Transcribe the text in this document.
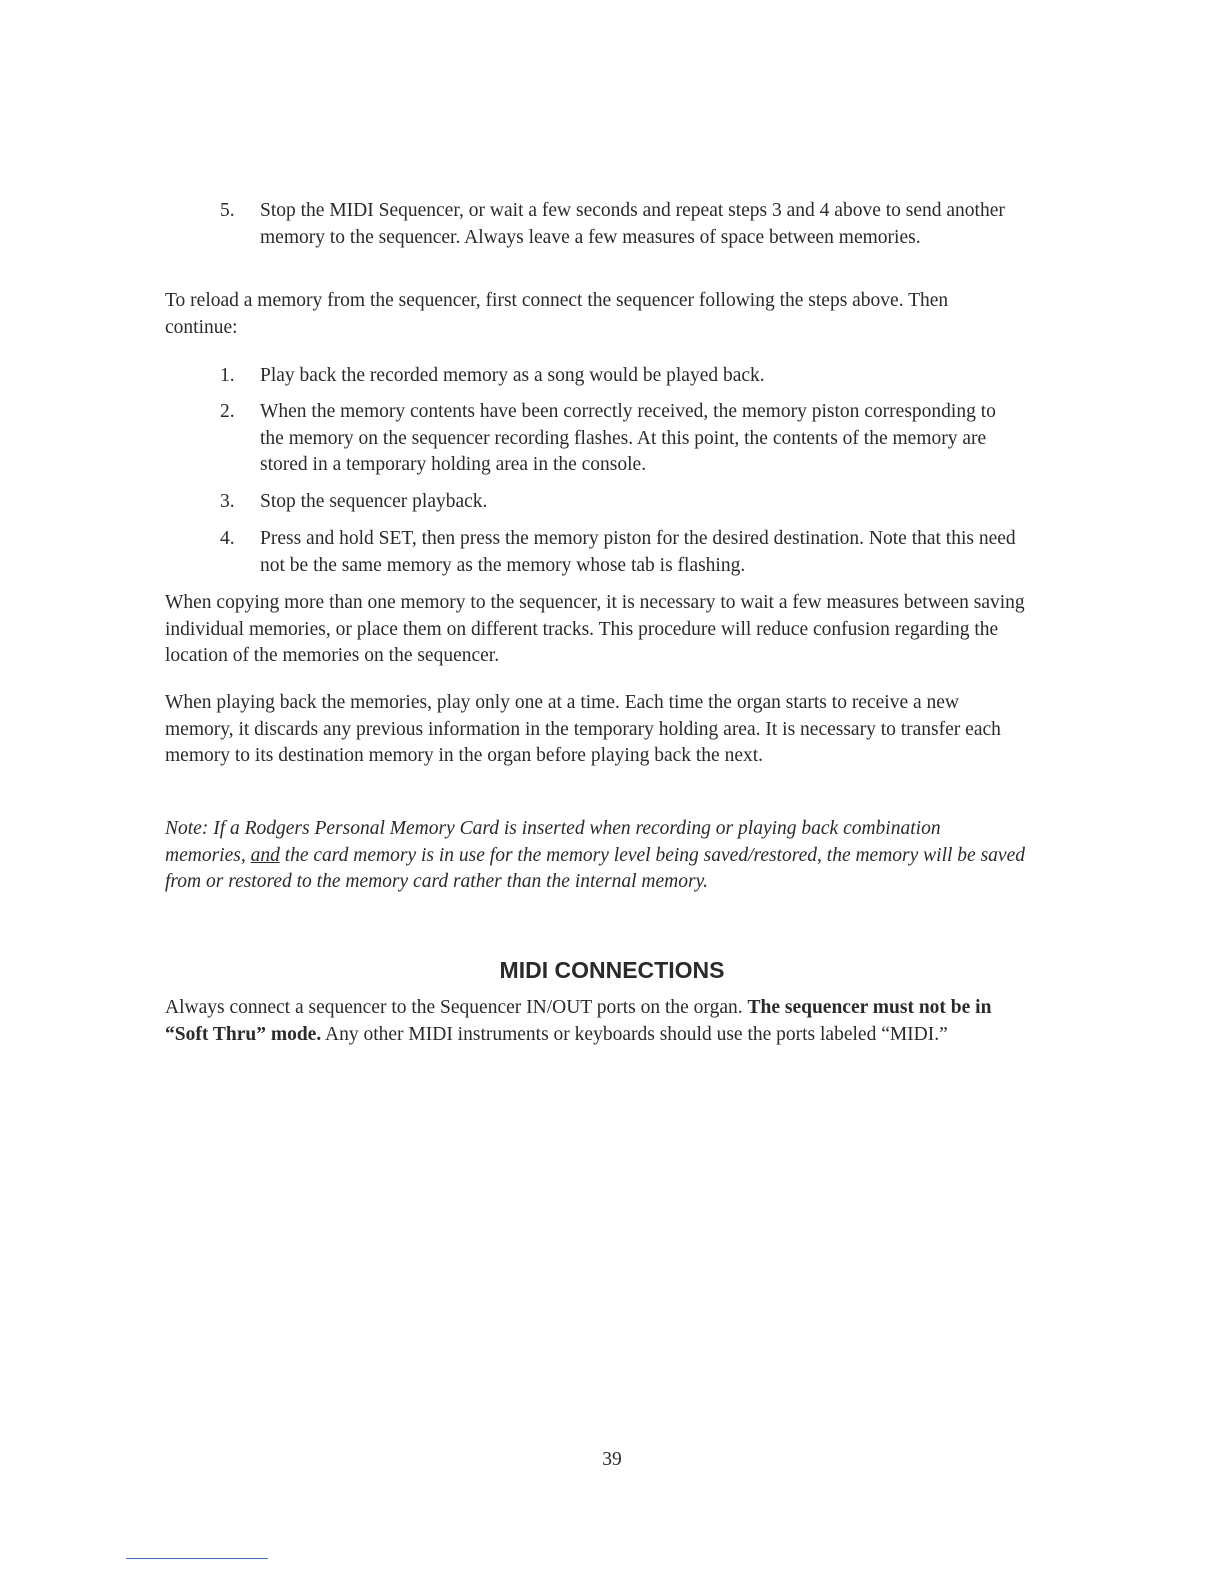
5.	Stop the MIDI Sequencer, or wait a few seconds and repeat steps 3 and 4 above to send another memory to the sequencer. Always leave a few measures of space between memories.
To reload a memory from the sequencer, first connect the sequencer following the steps above. Then continue:
1.	Play back the recorded memory as a song would be played back.
2.	When the memory contents have been correctly received, the memory piston corresponding to the memory on the sequencer recording flashes. At this point, the contents of the memory are stored in a temporary holding area in the console.
3.	Stop the sequencer playback.
4.	Press and hold SET, then press the memory piston for the desired destination. Note that this need not be the same memory as the memory whose tab is flashing.
When copying more than one memory to the sequencer, it is necessary to wait a few measures between saving individual memories, or place them on different tracks. This procedure will reduce confusion regarding the location of the memories on the sequencer.
When playing back the memories, play only one at a time. Each time the organ starts to receive a new memory, it discards any previous information in the temporary holding area. It is necessary to transfer each memory to its destination memory in the organ before playing back the next.
Note: If a Rodgers Personal Memory Card is inserted when recording or playing back combination memories, and the card memory is in use for the memory level being saved/restored, the memory will be saved from or restored to the memory card rather than the internal memory.
MIDI CONNECTIONS
Always connect a sequencer to the Sequencer IN/OUT ports on the organ. The sequencer must not be in “Soft Thru” mode. Any other MIDI instruments or keyboards should use the ports labeled “MIDI.”
39
